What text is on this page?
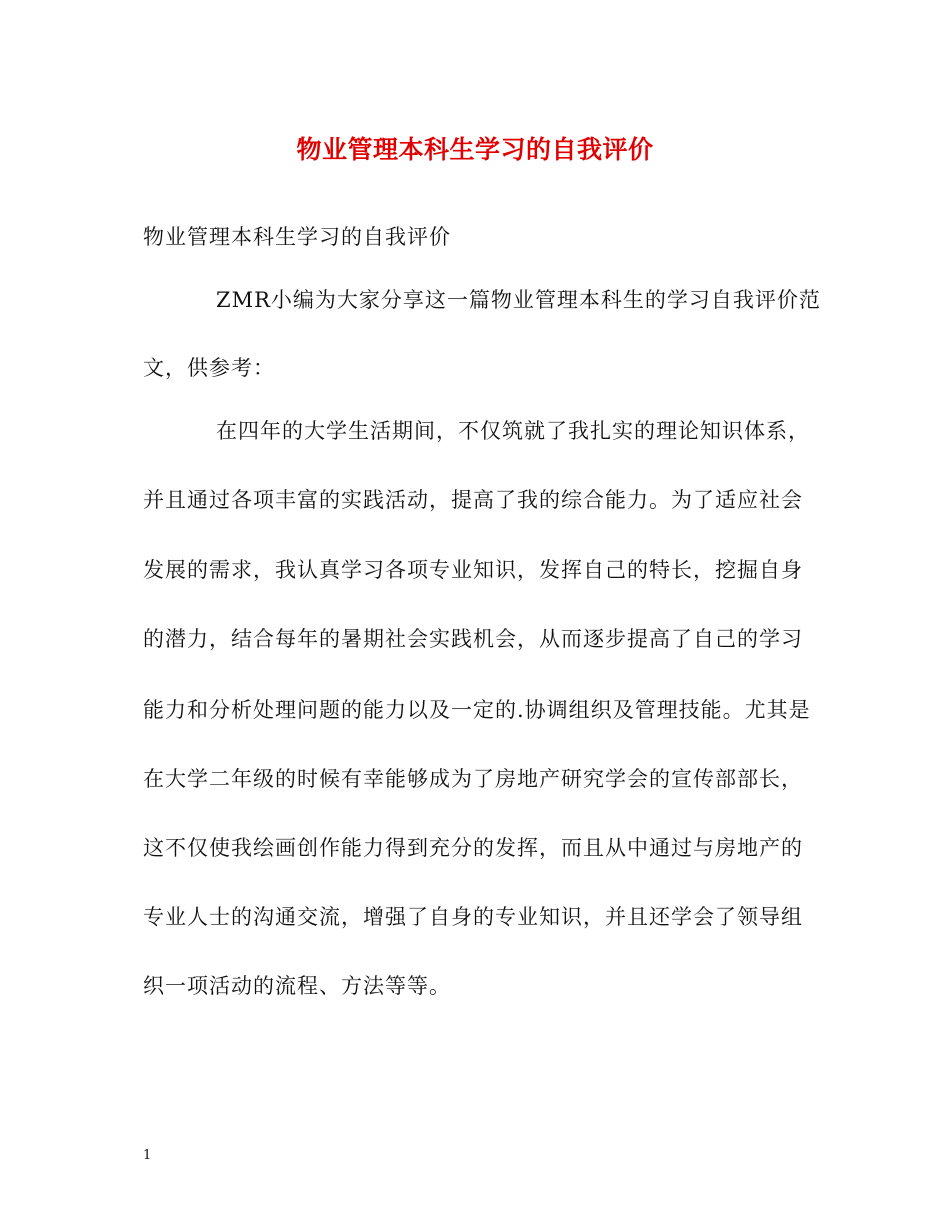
物业管理本科生学习的自我评价
物业管理本科生学习的自我评价
ZMR小编为大家分享这一篇物业管理本科生的学习自我评价范
文，供参考：
在四年的大学生活期间，不仅筑就了我扎实的理论知识体系，
并且通过各项丰富的实践活动，提高了我的综合能力。为了适应社会
发展的需求，我认真学习各项专业知识，发挥自己的特长，挖掘自身
的潜力，结合每年的暑期社会实践机会，从而逐步提高了自己的学习
能力和分析处理问题的能力以及一定的.协调组织及管理技能。尤其是
在大学二年级的时候有幸能够成为了房地产研究学会的宣传部部长，
这不仅使我绘画创作能力得到充分的发挥，而且从中通过与房地产的
专业人士的沟通交流，增强了自身的专业知识，并且还学会了领导组
织一项活动的流程、方法等等。
1
